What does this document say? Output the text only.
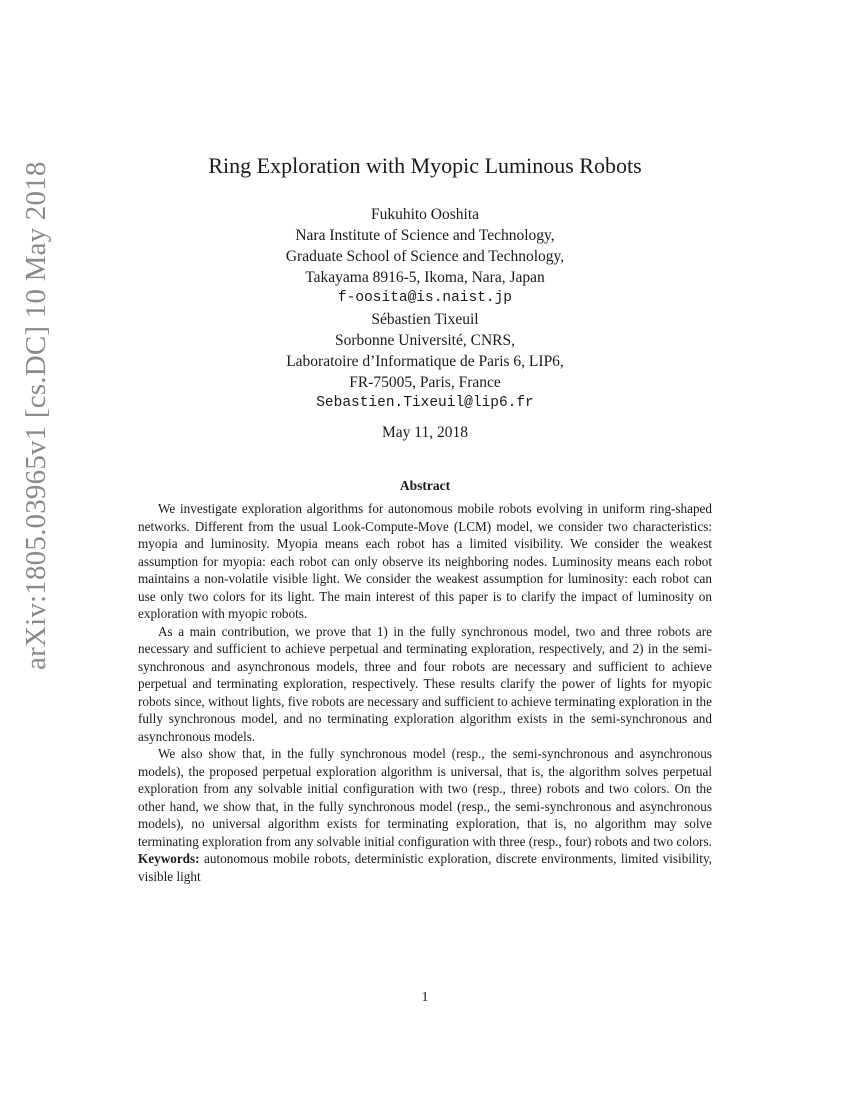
arXiv:1805.03965v1 [cs.DC] 10 May 2018	Ring Exploration with Myopic Luminous Robots
Fukuhito Ooshita
Nara Institute of Science and Technology,
Graduate School of Science and Technology,
Takayama 8916-5, Ikoma, Nara, Japan
f-oosita@is.naist.jp
Sébastien Tixeuil
Sorbonne Université, CNRS,
Laboratoire d’Informatique de Paris 6, LIP6,
FR-75005, Paris, France
Sebastien.Tixeuil@lip6.fr
May 11, 2018
Abstract

We investigate exploration algorithms for autonomous mobile robots evolving in uniform ring-shaped networks. Different from the usual Look-Compute-Move (LCM) model, we consider two characteristics: myopia and luminosity. Myopia means each robot has a limited visibility. We consider the weakest assumption for myopia: each robot can only observe its neighboring nodes. Luminosity means each robot maintains a non-volatile visible light. We consider the weakest assumption for luminosity: each robot can use only two colors for its light. The main interest of this paper is to clarify the impact of luminosity on exploration with myopic robots.

As a main contribution, we prove that 1) in the fully synchronous model, two and three robots are necessary and sufficient to achieve perpetual and terminating exploration, respectively, and 2) in the semi-synchronous and asynchronous models, three and four robots are necessary and sufficient to achieve perpetual and terminating exploration, respectively. These results clarify the power of lights for myopic robots since, without lights, five robots are necessary and sufficient to achieve terminating exploration in the fully synchronous model, and no terminating exploration algorithm exists in the semi-synchronous and asynchronous models.

We also show that, in the fully synchronous model (resp., the semi-synchronous and asynchronous models), the proposed perpetual exploration algorithm is universal, that is, the algorithm solves perpetual exploration from any solvable initial configuration with two (resp., three) robots and two colors. On the other hand, we show that, in the fully synchronous model (resp., the semi-synchronous and asynchronous models), no universal algorithm exists for terminating exploration, that is, no algorithm may solve terminating exploration from any solvable initial configuration with three (resp., four) robots and two colors.

Keywords: autonomous mobile robots, deterministic exploration, discrete environments, limited visibility, visible light

1
